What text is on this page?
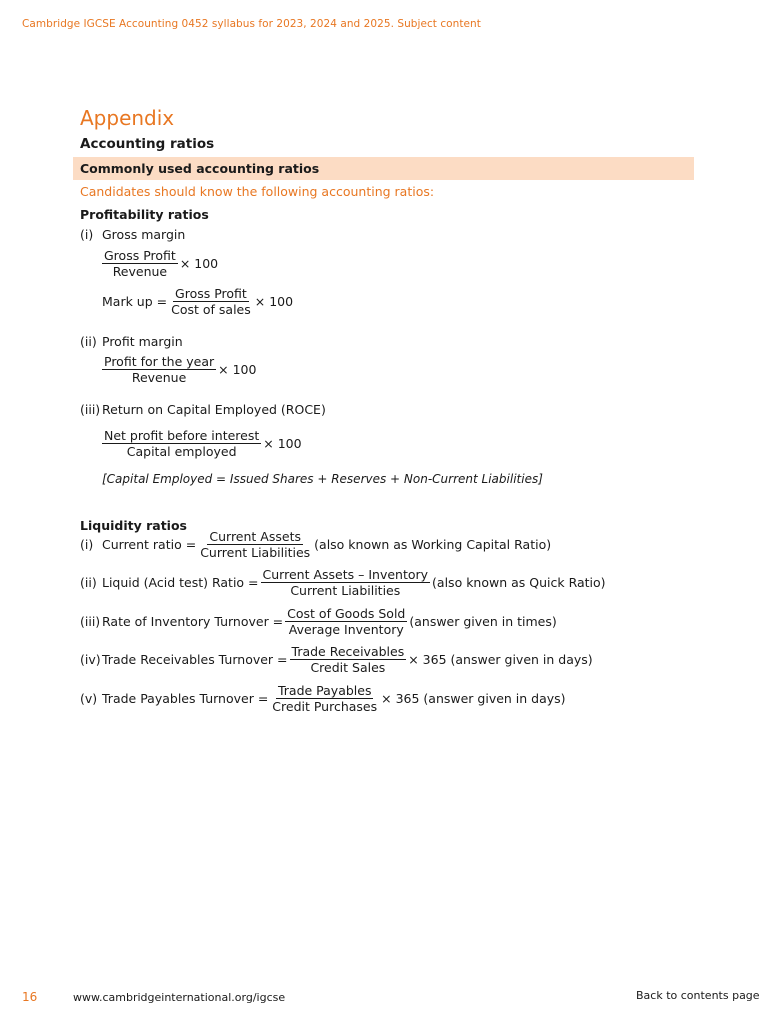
Cambridge IGCSE Accounting 0452 syllabus for 2023, 2024 and 2025. Subject content
Appendix
Accounting ratios
Commonly used accounting ratios
Candidates should know the following accounting ratios:
Profitability ratios
(i) Gross margin
$\frac{\text{Gross Profit}}{\text{Revenue}} \times 100$
Mark up = $\frac{\text{Gross Profit}}{\text{Cost of sales}} \times 100$
(ii) Profit margin
$\frac{\text{Profit for the year}}{\text{Revenue}} \times 100$
(iii) Return on Capital Employed (ROCE)
$\frac{\text{Net profit before interest}}{\text{Capital employed}} \times 100$
[Capital Employed = Issued Shares + Reserves + Non-Current Liabilities]
Liquidity ratios
(i) Current ratio = $\frac{\text{Current Assets}}{\text{Current Liabilities}}$ (also known as Working Capital Ratio)
(ii) Liquid (Acid test) Ratio = $\frac{\text{Current Assets – Inventory}}{\text{Current Liabilities}}$ (also known as Quick Ratio)
(iii) Rate of Inventory Turnover = $\frac{\text{Cost of Goods Sold}}{\text{Average Inventory}}$ (answer given in times)
(iv) Trade Receivables Turnover = $\frac{\text{Trade Receivables}}{\text{Credit Sales}} \times 365$ (answer given in days)
(v) Trade Payables Turnover = $\frac{\text{Trade Payables}}{\text{Credit Purchases}} \times 365$ (answer given in days)
16	www.cambridgeinternational.org/igcse	Back to contents page
